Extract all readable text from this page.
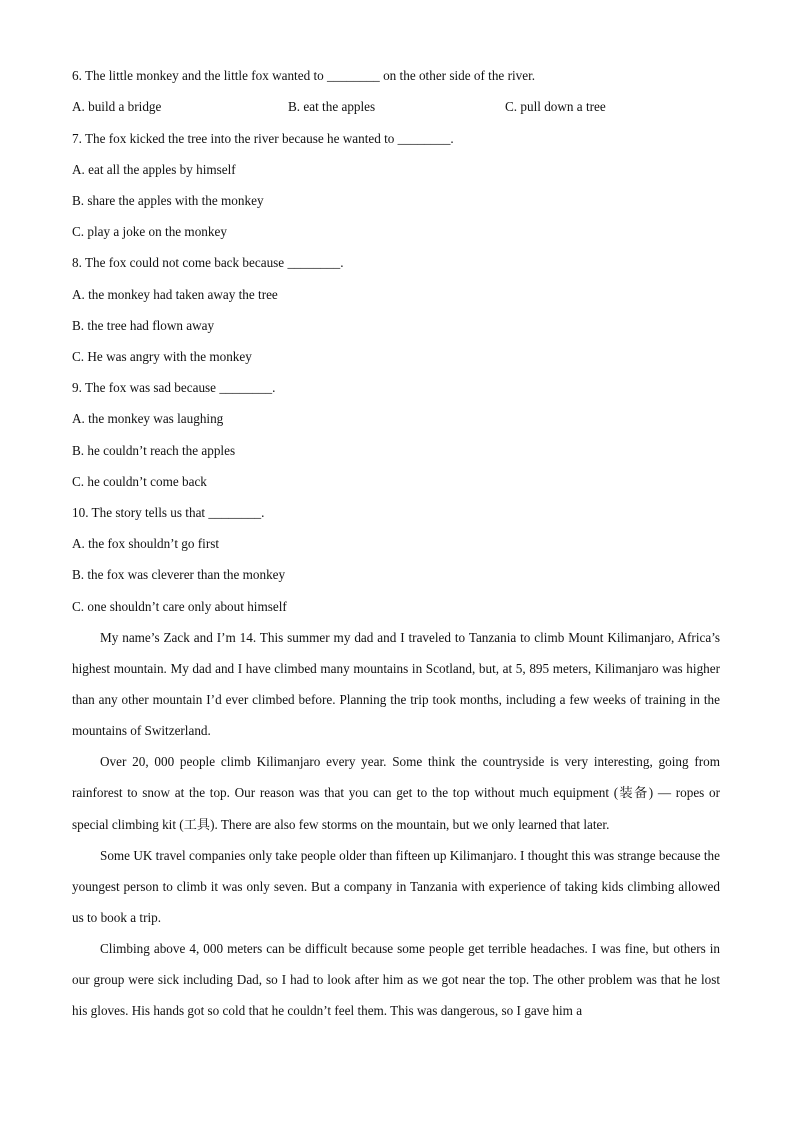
6. The little monkey and the little fox wanted to ________ on the other side of the river.
A. build a bridge	B. eat the apples	C. pull down a tree
7. The fox kicked the tree into the river because he wanted to ________.
A. eat all the apples by himself
B. share the apples with the monkey
C. play a joke on the monkey
8. The fox could not come back because ________.
A. the monkey had taken away the tree
B. the tree had flown away
C. He was angry with the monkey
9. The fox was sad because ________.
A. the monkey was laughing
B. he couldn’t reach the apples
C. he couldn’t come back
10. The story tells us that ________.
A. the fox shouldn’t go first
B. the fox was cleverer than the monkey
C. one shouldn’t care only about himself

My name’s Zack and I’m 14. This summer my dad and I traveled to Tanzania to climb Mount Kilimanjaro, Africa’s highest mountain. My dad and I have climbed many mountains in Scotland, but, at 5, 895 meters, Kilimanjaro was higher than any other mountain I’d ever climbed before. Planning the trip took months, including a few weeks of training in the mountains of Switzerland.

Over 20, 000 people climb Kilimanjaro every year. Some think the countryside is very interesting, going from rainforest to snow at the top. Our reason was that you can get to the top without much equipment (装备) — ropes or special climbing kit (工具). There are also few storms on the mountain, but we only learned that later.

Some UK travel companies only take people older than fifteen up Kilimanjaro. I thought this was strange because the youngest person to climb it was only seven. But a company in Tanzania with experience of taking kids climbing allowed us to book a trip.

Climbing above 4, 000 meters can be difficult because some people get terrible headaches. I was fine, but others in our group were sick including Dad, so I had to look after him as we got near the top. The other problem was that he lost his gloves. His hands got so cold that he couldn’t feel them. This was dangerous, so I gave him a
